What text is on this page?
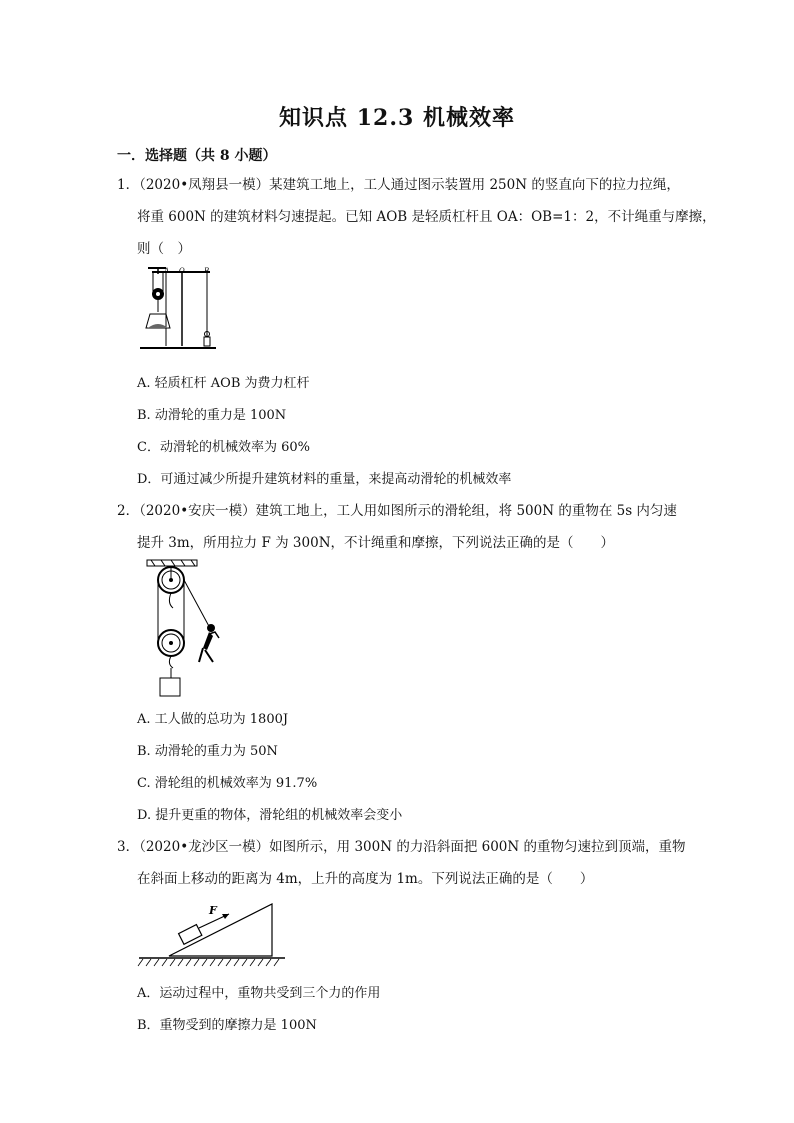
知识点 12.3 机械效率
一．选择题（共 8 小题）
1．（2020•凤翔县一模）某建筑工地上，工人通过图示装置用 250N 的竖直向下的拉力拉绳，
将重 600N 的建筑材料匀速提起。已知 AOB 是轻质杠杆且 OA：OB=1：2，不计绳重与摩擦，
则（　）
A O	B
A. 轻质杠杆 AOB 为费力杠杆
B. 动滑轮的重力是 100N
C．动滑轮的机械效率为 60%
D．可通过减少所提升建筑材料的重量，来提高动滑轮的机械效率
2．（2020•安庆一模）建筑工地上，工人用如图所示的滑轮组，将 500N 的重物在 5s 内匀速
提升 3m，所用拉力 F 为 300N，不计绳重和摩擦，下列说法正确的是（　　）
A. 工人做的总功为 1800J
B. 动滑轮的重力为 50N
C. 滑轮组的机械效率为 91.7%
D. 提升更重的物体，滑轮组的机械效率会变小
3．（2020•龙沙区一模）如图所示，用 300N 的力沿斜面把 600N 的重物匀速拉到顶端，重物
在斜面上移动的距离为 4m，上升的高度为 1m。下列说法正确的是（　　）
F
A．运动过程中，重物共受到三个力的作用
B．重物受到的摩擦力是 100N
